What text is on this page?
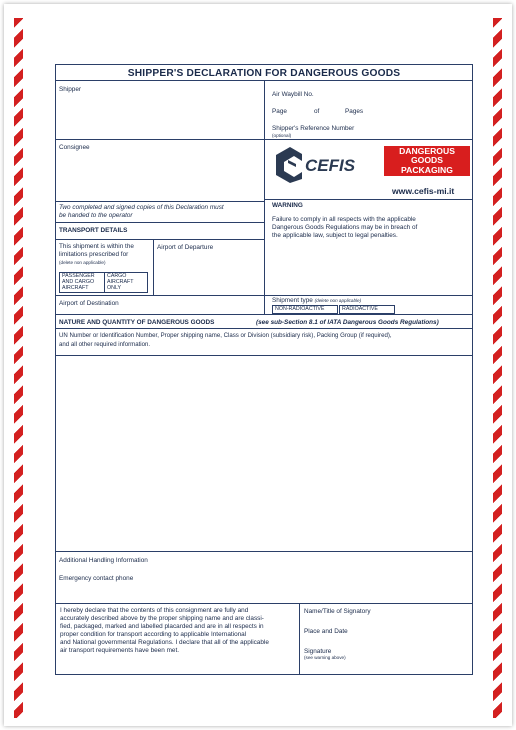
SHIPPER'S DECLARATION FOR DANGEROUS GOODS
Shipper
Air Waybill No.
Page	of	Pages
Shipper's Reference Number
(optional)
Consignee
CEFIS
DANGEROUS
GOODS
PACKAGING
www.cefis-mi.it
Two completed and signed copies of this Declaration must
be handed to the operator
WARNING
Failure to comply in all respects with the applicable
Dangerous Goods Regulations may be in breach of
the applicable law, subject to legal penalties.
TRANSPORT DETAILS
This shipment is within the
limitations prescribed for
(delete non applicable)
PASSENGER
AND CARGO
AIRCRAFT
CARGO
AIRCRAFT
ONLY
Airport of Departure
Airport of Destination	Shipment type (delete non applicable)
NON-RADIOACTIVE	RADIOACTIVE
NATURE AND QUANTITY OF DANGEROUS GOODS	(see sub-Section 8.1 of IATA Dangerous Goods Regulations)
UN Number or Identification Number, Proper shipping name, Class or Division (subsidiary risk), Packing Group (if required),
and all other required information.
Additional Handling Information
Emergency contact phone
I hereby declare that the contents of this consignment are fully and
accurately described above by the proper shipping name and are classi-
fied, packaged, marked and labelled placarded and are in all respects in
proper condition for transport according to applicable International
and National governmental Regulations. I declare that all of the applicable
air transport requirements have been met.
Name/Title of Signatory
Place and Date
Signature
(see warning above)
